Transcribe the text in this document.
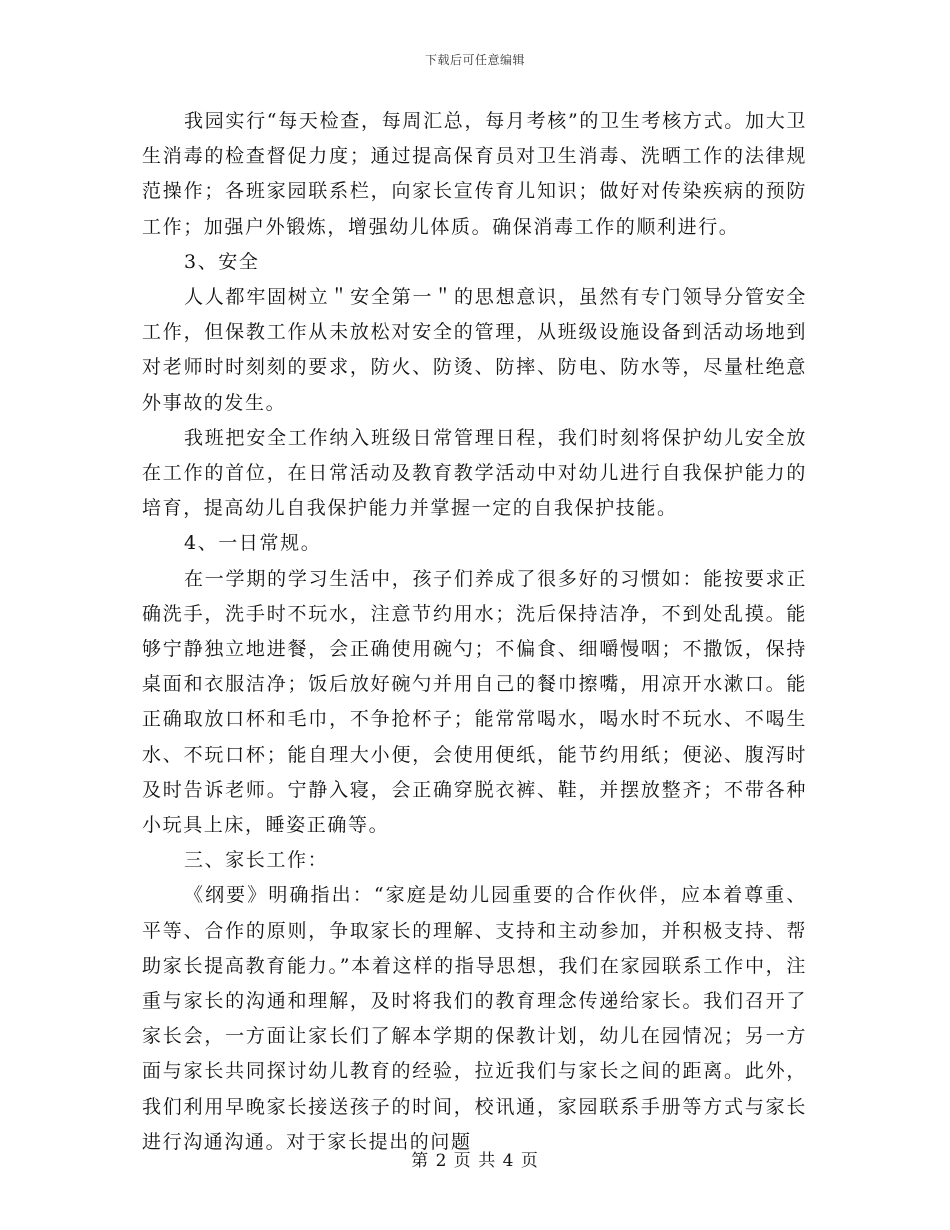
下载后可任意编辑

我园实行“每天检查，每周汇总，每月考核”的卫生考核方式。加大卫生消毒的检查督促力度；通过提高保育员对卫生消毒、洗晒工作的法律规范操作；各班家园联系栏，向家长宣传育儿知识；做好对传染疾病的预防工作；加强户外锻炼，增强幼儿体质。确保消毒工作的顺利进行。

3、安全

人人都牢固树立＂安全第一＂的思想意识，虽然有专门领导分管安全工作，但保教工作从未放松对安全的管理，从班级设施设备到活动场地到对老师时时刻刻的要求，防火、防烫、防摔、防电、防水等，尽量杜绝意外事故的发生。

我班把安全工作纳入班级日常管理日程，我们时刻将保护幼儿安全放在工作的首位，在日常活动及教育教学活动中对幼儿进行自我保护能力的培育，提高幼儿自我保护能力并掌握一定的自我保护技能。

4、一日常规。

在一学期的学习生活中，孩子们养成了很多好的习惯如：能按要求正确洗手，洗手时不玩水，注意节约用水；洗后保持洁净，不到处乱摸。能够宁静独立地进餐，会正确使用碗勺；不偏食、细嚼慢咽；不撒饭，保持桌面和衣服洁净；饭后放好碗勺并用自己的餐巾擦嘴，用凉开水漱口。能正确取放口杯和毛巾，不争抢杯子；能常常喝水，喝水时不玩水、不喝生水、不玩口杯；能自理大小便，会使用便纸，能节约用纸；便泌、腹泻时及时告诉老师。宁静入寝，会正确穿脱衣裤、鞋，并摆放整齐；不带各种小玩具上床，睡姿正确等。

三、家长工作：

《纲要》明确指出：“家庭是幼儿园重要的合作伙伴，应本着尊重、平等、合作的原则，争取家长的理解、支持和主动参加，并积极支持、帮助家长提高教育能力。”本着这样的指导思想，我们在家园联系工作中，注重与家长的沟通和理解，及时将我们的教育理念传递给家长。我们召开了家长会，一方面让家长们了解本学期的保教计划，幼儿在园情况；另一方面与家长共同探讨幼儿教育的经验，拉近我们与家长之间的距离。此外，我们利用早晚家长接送孩子的时间，校讯通，家园联系手册等方式与家长进行沟通沟通。对于家长提出的问题

第 2 页 共 4 页
